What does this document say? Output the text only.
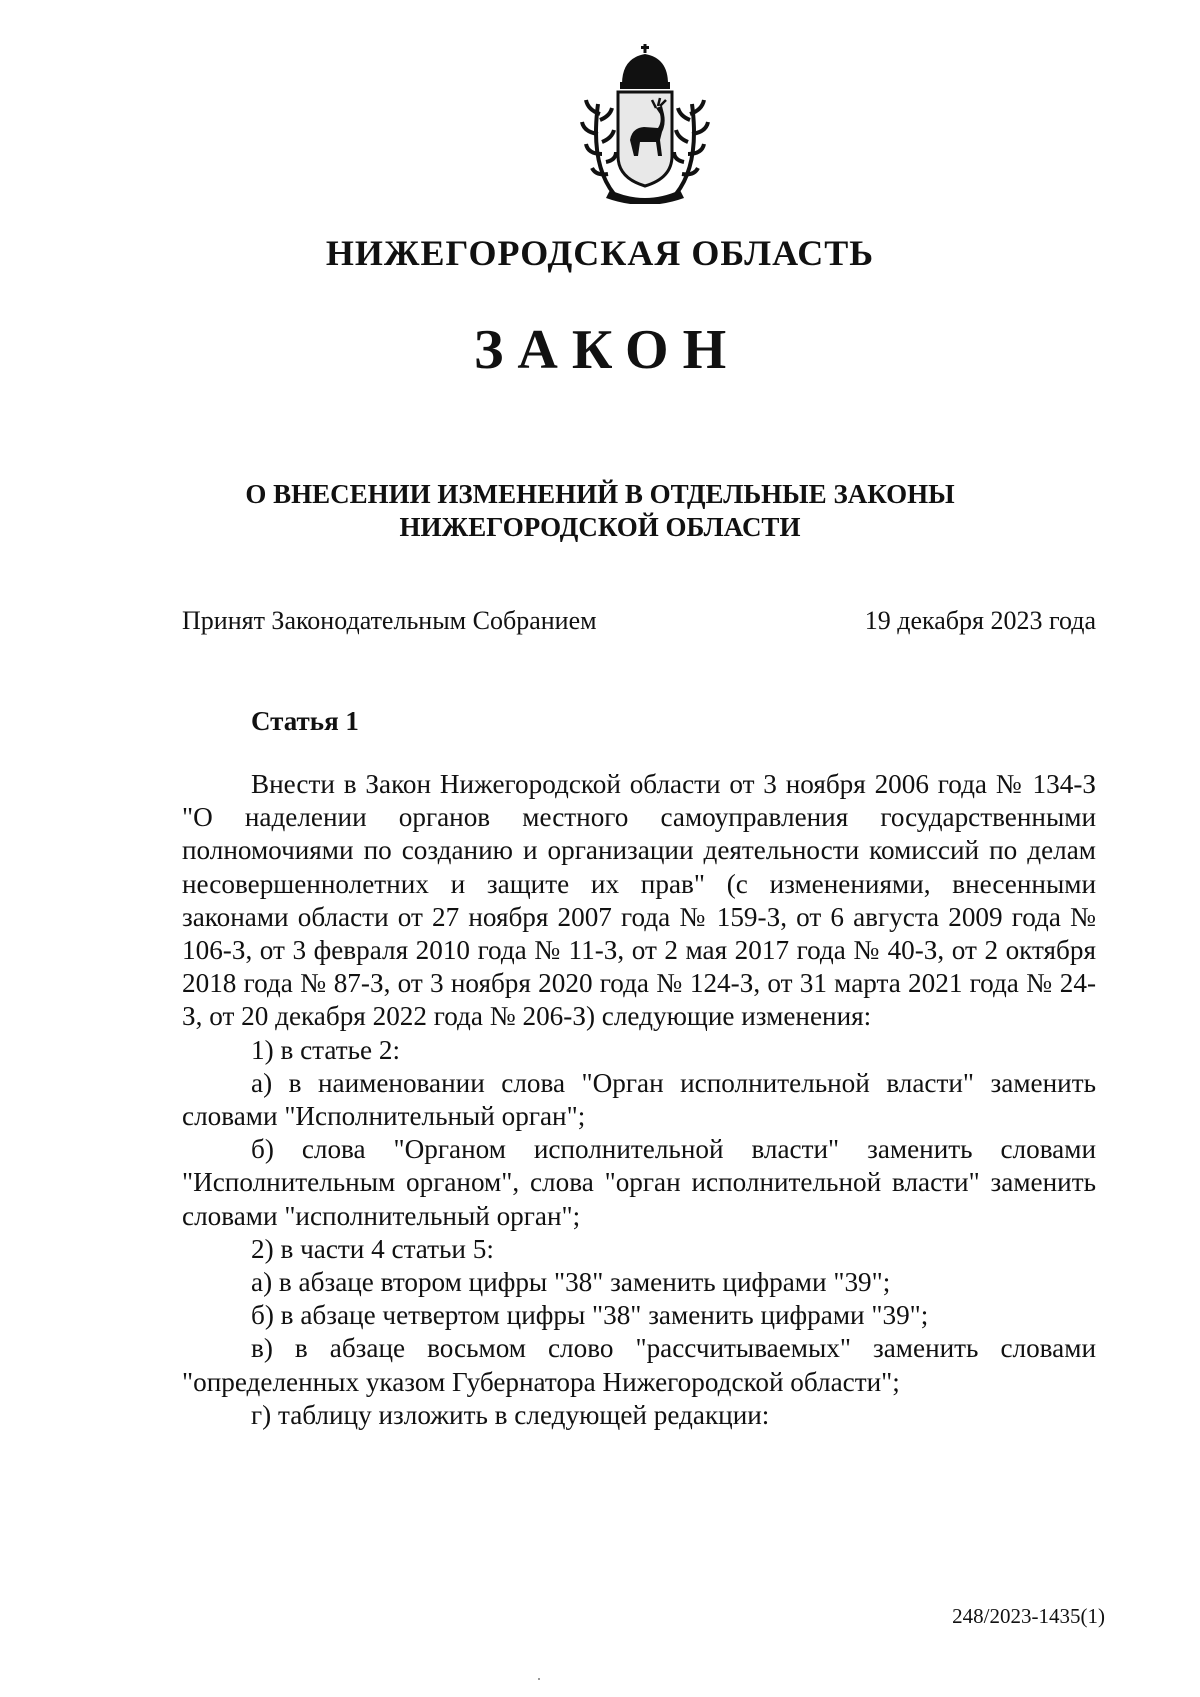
НИЖЕГОРОДСКАЯ ОБЛАСТЬ
ЗАКОН
О ВНЕСЕНИИ ИЗМЕНЕНИЙ В ОТДЕЛЬНЫЕ ЗАКОНЫ
НИЖЕГОРОДСКОЙ ОБЛАСТИ
Принят Законодательным Собранием	19 декабря 2023 года
Статья 1

Внести в Закон Нижегородской области от 3 ноября 2006 года № 134-З "О наделении органов местного самоуправления государственными полномочиями по созданию и организации деятельности комиссий по делам несовершеннолетних и защите их прав" (с изменениями, внесенными законами области от 27 ноября 2007 года № 159-З, от 6 августа 2009 года № 106-З, от 3 февраля 2010 года № 11-З, от 2 мая 2017 года № 40-З, от 2 октября 2018 года № 87-З, от 3 ноября 2020 года № 124-З, от 31 марта 2021 года № 24-З, от 20 декабря 2022 года № 206-З) следующие изменения:

1) в статье 2:

а) в наименовании слова "Орган исполнительной власти" заменить словами "Исполнительный орган";

б) слова "Органом исполнительной власти" заменить словами "Исполнительным органом", слова "орган исполнительной власти" заменить словами "исполнительный орган";

2) в части 4 статьи 5:

а) в абзаце втором цифры "38" заменить цифрами "39";

б) в абзаце четвертом цифры "38" заменить цифрами "39";

в) в абзаце восьмом слово "рассчитываемых" заменить словами "определенных указом Губернатора Нижегородской области";

г) таблицу изложить в следующей редакции:

248/2023-1435(1)
